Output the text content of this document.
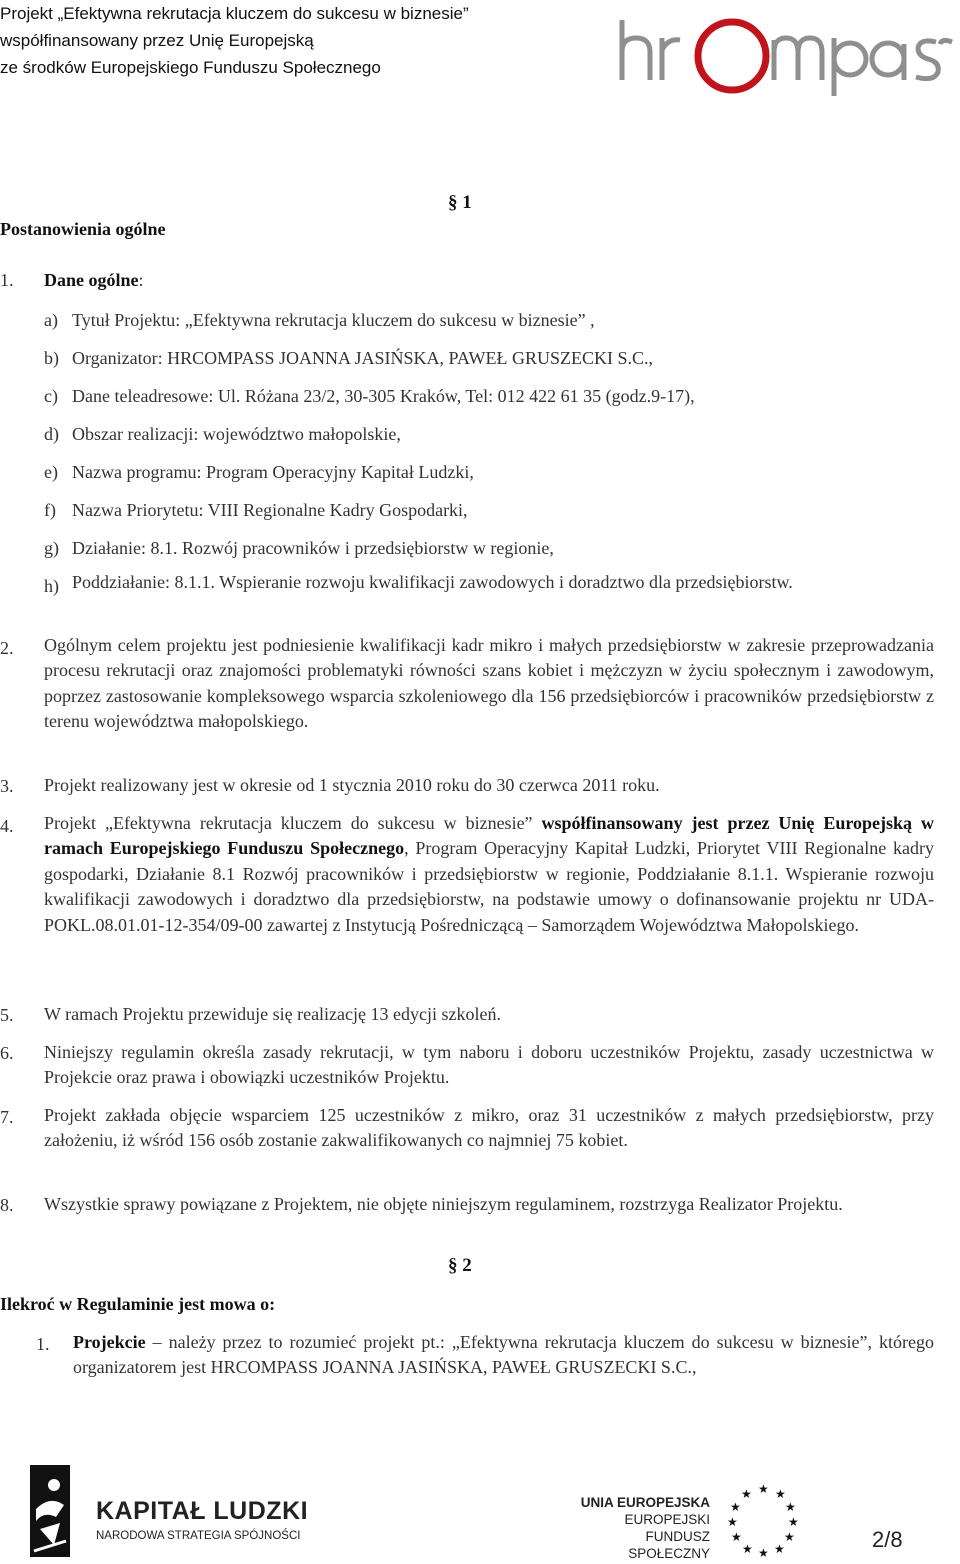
Projekt „Efektywna rekrutacja kluczem do sukcesu w biznesie”
współfinansowany przez Unię Europejską
ze środków Europejskiego Funduszu Społecznego
§ 1
Postanowienia ogólne
1. Dane ogólne:
a) Tytuł Projektu: „Efektywna rekrutacja kluczem do sukcesu w biznesie” ,
b) Organizator: HRCOMPASS JOANNA JASIŃSKA, PAWEŁ GRUSZECKI S.C.,
c) Dane teleadresowe: Ul. Różana 23/2, 30-305 Kraków, Tel: 012 422 61 35 (godz.9-17),
d) Obszar realizacji: województwo małopolskie,
e) Nazwa programu: Program Operacyjny Kapitał Ludzki,
f) Nazwa Priorytetu: VIII Regionalne Kadry Gospodarki,
g) Działanie: 8.1. Rozwój pracowników i przedsiębiorstw w regionie,
h) Poddziałanie: 8.1.1. Wspieranie rozwoju kwalifikacji zawodowych i doradztwo dla przedsiębiorstw.
2. Ogólnym celem projektu jest podniesienie kwalifikacji kadr mikro i małych przedsiębiorstw w zakresie przeprowadzania procesu rekrutacji oraz znajomości problematyki równości szans kobiet i mężczyzn w życiu społecznym i zawodowym, poprzez zastosowanie kompleksowego wsparcia szkoleniowego dla 156 przedsiębiorców i pracowników przedsiębiorstw z terenu województwa małopolskiego.
3. Projekt realizowany jest w okresie od 1 stycznia 2010 roku do 30 czerwca 2011 roku.
4. Projekt „Efektywna rekrutacja kluczem do sukcesu w biznesie” współfinansowany jest przez Unię Europejską w ramach Europejskiego Funduszu Społecznego, Program Operacyjny Kapitał Ludzki, Priorytet VIII Regionalne kadry gospodarki, Działanie 8.1 Rozwój pracowników i przedsiębiorstw w regionie, Poddziałanie 8.1.1. Wspieranie rozwoju kwalifikacji zawodowych i doradztwo dla przedsiębiorstw, na podstawie umowy o dofinansowanie projektu nr UDA-POKL.08.01.01-12-354/09-00 zawartej z Instytucją Pośredniczącą – Samorządem Województwa Małopolskiego.
5. W ramach Projektu przewiduje się realizację 13 edycji szkoleń.
6. Niniejszy regulamin określa zasady rekrutacji, w tym naboru i doboru uczestników Projektu, zasady uczestnictwa w Projekcie oraz prawa i obowiązki uczestników Projektu.
7. Projekt zakłada objęcie wsparciem 125 uczestników z mikro, oraz 31 uczestników z małych przedsiębiorstw, przy założeniu, iż wśród 156 osób zostanie zakwalifikowanych co najmniej 75 kobiet.
8. Wszystkie sprawy powiązane z Projektem, nie objęte niniejszym regulaminem, rozstrzyga Realizator Projektu.
§ 2
Ilekroć w Regulaminie jest mowa o:
1. Projekcie – należy przez to rozumieć projekt pt.: „Efektywna rekrutacja kluczem do sukcesu w biznesie”, którego organizatorem jest HRCOMPASS JOANNA JASIŃSKA, PAWEŁ GRUSZECKI S.C.,
KAPITAŁ LUDZKI
NARODOWA STRATEGIA SPÓJNOŚCI
UNIA EUROPEJSKA
EUROPEJSKI
FUNDUSZ SPOŁECZNY
★ ★
★
★
★
★
★
★
★
★
★
★
2/8
